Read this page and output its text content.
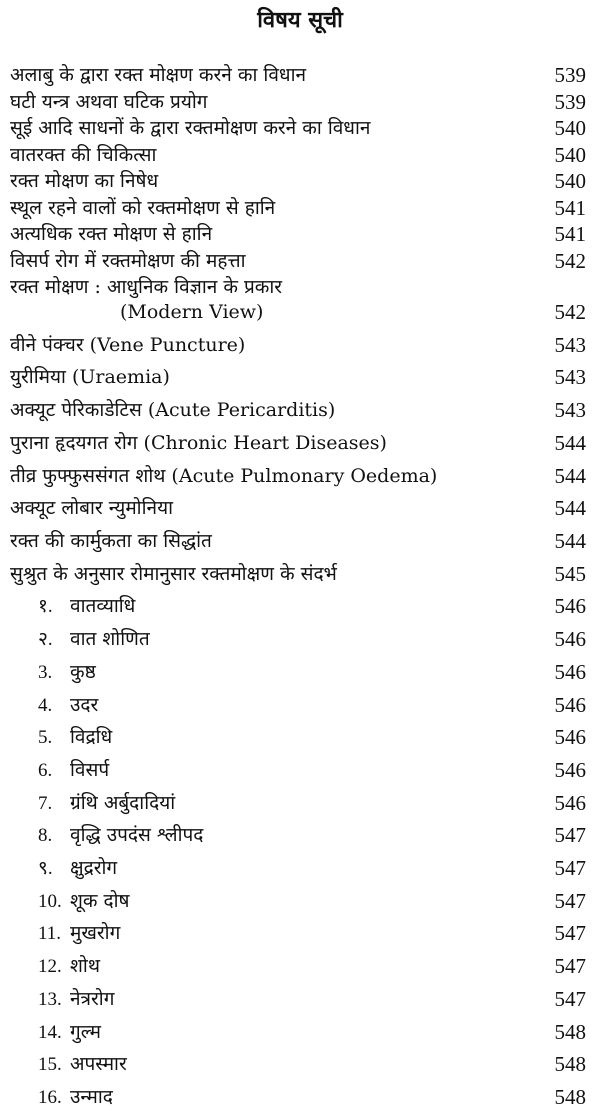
विषय सूची
अलाबु के द्वारा रक्त मोक्षण करने का विधान	539
घटी यन्त्र अथवा घटिक प्रयोग	539
सूई आदि साधनों के द्वारा रक्तमोक्षण करने का विधान	540
वातरक्त की चिकित्सा	540
रक्त मोक्षण का निषेध	540
स्थूल रहने वालों को रक्तमोक्षण से हानि	541
अत्यधिक रक्त मोक्षण से हानि	541
विसर्प रोग में रक्तमोक्षण की महत्ता	542
रक्त मोक्षण : आधुनिक विज्ञान के प्रकार
(Modern View)	542
वीने पंक्चर (Vene Puncture)	543
युरीमिया (Uraemia)	543
अक्यूट पेरिकाडेटिस (Acute Pericarditis)	543
पुराना हृदयगत रोग (Chronic Heart Diseases)	544
तीव्र फुफ्फुससंगत शोथ (Acute Pulmonary Oedema)	544
अक्यूट लोबार न्युमोनिया	544
रक्त की कार्मुकता का सिद्धांत	544
सुश्रुत के अनुसार रोमानुसार रक्तमोक्षण के संदर्भ	545
१. वातव्याधि	546
२. वात शोणित	546
3. कुष्ठ	546
4. उदर	546
5. विद्रधि	546
6. विसर्प	546
7. ग्रंथि अर्बुदादियां	546
8. वृद्धि उपदंस श्लीपद	547
९. क्षुद्ररोग	547
10. शूक दोष	547
11. मुखरोग	547
12. शोथ	547
13. नेत्ररोग	547
14. गुल्म	548
15. अपस्मार	548
16. उन्माद	548
